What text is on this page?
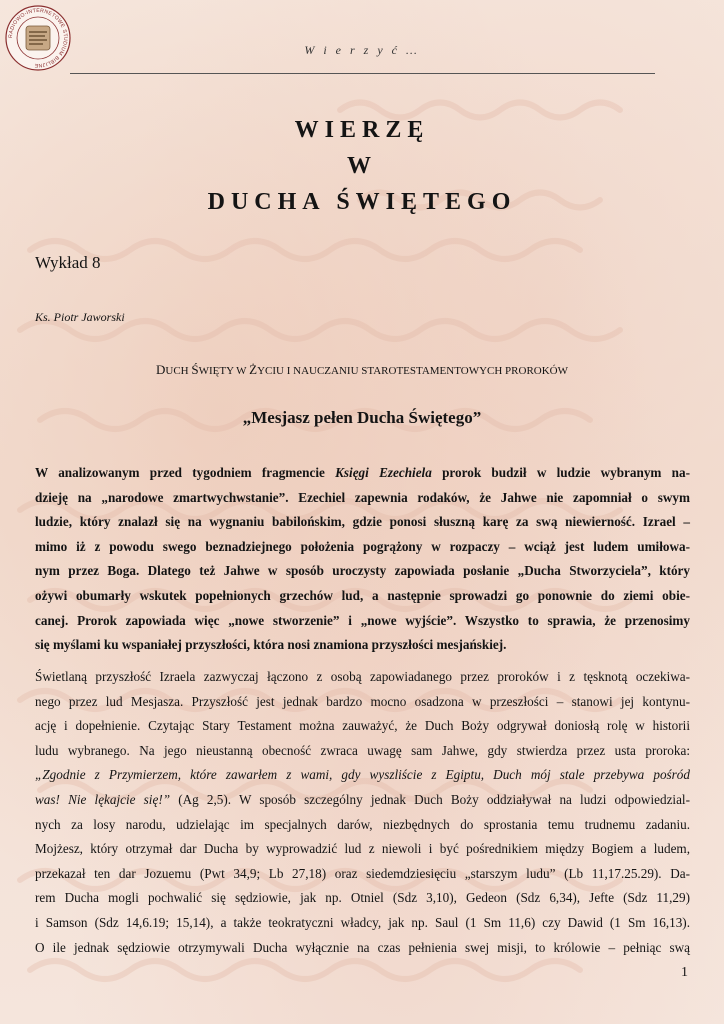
RADIOWO-INTERNETOWE STUDIUM BIBLIJNE
W i e r z y ć …
WIERZĘ
W
DUCHA ŚWIĘTEGO
Wykład 8
Ks. Piotr Jaworski
DUCH ŚWIĘTY W ŻYCIU I NAUCZANIU STAROTESTAMENTOWYCH PROROKÓW
„Mesjasz pełen Ducha Świętego”
W analizowanym przed tygodniem fragmencie Księgi Ezechiela prorok budził w ludzie wybranym na-
dzieję na „narodowe zmartwychwstanie”. Ezechiel zapewnia rodaków, że Jahwe nie zapomniał o swym
ludzie, który znalazł się na wygnaniu babilońskim, gdzie ponosi słuszną karę za swą niewierność. Izrael –
mimo iż z powodu swego beznadziejnego położenia pogrążony w rozpaczy – wciąż jest ludem umiłowa-
nym przez Boga. Dlatego też Jahwe w sposób uroczysty zapowiada posłanie „Ducha Stworzyciela”, który
ożywi obumarły wskutek popełnionych grzechów lud, a następnie sprowadzi go ponownie do ziemi obie-
canej. Prorok zapowiada więc „nowe stworzenie” i „nowe wyjście”. Wszystko to sprawia, że przenosimy
się myślami ku wspaniałej przyszłości, która nosi znamiona przyszłości mesjańskiej.
Świetlaną przyszłość Izraela zazwyczaj łączono z osobą zapowiadanego przez proroków i z tęsknotą oczekiwa-
nego przez lud Mesjasza. Przyszłość jest jednak bardzo mocno osadzona w przeszłości – stanowi jej kontynu-
ację i dopełnienie. Czytając Stary Testament można zauważyć, że Duch Boży odgrywał doniosłą rolę w historii
ludu wybranego. Na jego nieustanną obecność zwraca uwagę sam Jahwe, gdy stwierdza przez usta proroka:
„Zgodnie z Przymierzem, które zawarłem z wami, gdy wyszliście z Egiptu, Duch mój stale przebywa pośród
was! Nie lękajcie się!” (Ag 2,5). W sposób szczególny jednak Duch Boży oddziaływał na ludzi odpowiedzial-
nych za losy narodu, udzielając im specjalnych darów, niezbędnych do sprostania temu trudnemu zadaniu.
Mojżesz, który otrzymał dar Ducha by wyprowadzić lud z niewoli i być pośrednikiem między Bogiem a ludem,
przekazał ten dar Jozuemu (Pwt 34,9; Lb 27,18) oraz siedemdziesięciu „starszym ludu” (Lb 11,17.25.29). Da-
rem Ducha mogli pochwalić się sędziowie, jak np. Otniel (Sdz 3,10), Gedeon (Sdz 6,34), Jefte (Sdz 11,29)
i Samson (Sdz 14,6.19; 15,14), a także teokratyczni władcy, jak np. Saul (1 Sm 11,6) czy Dawid (1 Sm 16,13).
O ile jednak sędziowie otrzymywali Ducha wyłącznie na czas pełnienia swej misji, to królowie – pełniąc swą
1
